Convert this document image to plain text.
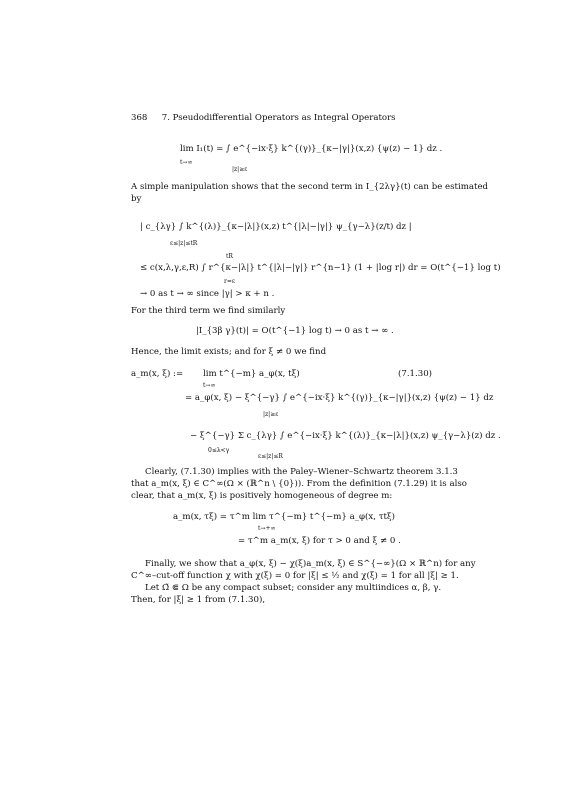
368 7. Pseudodifferential Operators as Integral Operators
lim I₁(t) = ∫ e^{−ix·ξ} k^{(γ)}_{κ−|γ|}(x,z) {ψ(z) − 1} dz .
t→∞
|z|≥ε
A simple manipulation shows that the second term in I_{2λγ}(t) can be estimated
by
| c_{λγ} ∫ k^{(λ)}_{κ−|λ|}(x,z) t^{|λ|−|γ|} ψ_{γ−λ}(z/t) dz |
ε≤|z|≤tR
tR
≤ c(x,λ,γ,ε,R) ∫ r^{κ−|λ|} t^{|λ|−|γ|} r^{n−1} (1 + |log r|) dr = O(t^{−1} log t)
r=ε
→ 0 as t → ∞ since |γ| > κ + n .
For the third term we find similarly
|I_{3β γ}(t)| = O(t^{−1} log t) → 0 as t → ∞ .
Hence, the limit exists; and for ξ ≠ 0 we find
a_m(x, ξ) := lim t^{−m} a_φ(x, tξ)
t→∞
(7.1.30)
= a_φ(x, ξ) − ξ^{−γ} ∫ e^{−ix·ξ} k^{(γ)}_{κ−|γ|}(x,z) {ψ(z) − 1} dz
|z|≥ε
− ξ^{−γ} Σ c_{λγ} ∫ e^{−ix·ξ} k^{(λ)}_{κ−|λ|}(x,z) ψ_{γ−λ}(z) dz .
0≤λ<γ
ε≤|z|≤R
Clearly, (7.1.30) implies with the Paley–Wiener–Schwartz theorem 3.1.3
that a_m(x, ξ) ∈ C^∞(Ω × (ℝ^n \ {0})). From the definition (7.1.29) it is also
clear, that a_m(x, ξ) is positively homogeneous of degree m:
a_m(x, τξ) = τ^m lim τ^{−m} t^{−m} a_φ(x, τtξ)
t→+∞
= τ^m a_m(x, ξ) for τ > 0 and ξ ≠ 0 .
Finally, we show that a_φ(x, ξ) − χ(ξ)a_m(x, ξ) ∈ S^{−∞}(Ω × ℝ^n) for any
C^∞–cut-off function χ with χ(ξ) = 0 for |ξ| ≤ ½ and χ(ξ) = 1 for all |ξ| ≥ 1.
Let Ω̃ ⋐ Ω be any compact subset; consider any multiindices α, β, γ.
Then, for |ξ| ≥ 1 from (7.1.30),
